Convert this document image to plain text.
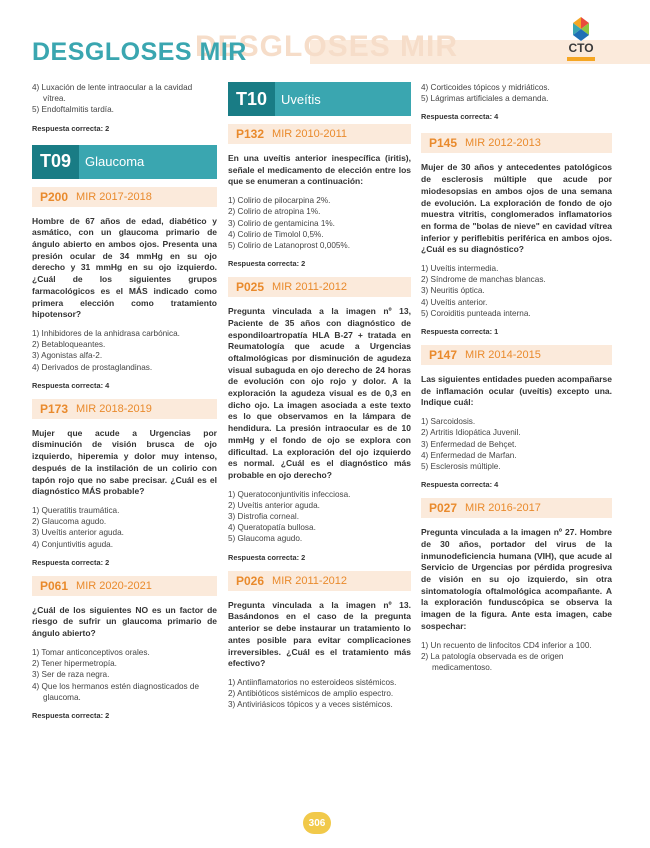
DESGLOSES MIR
DESGLOSES MIR	CTO
4) Luxación de lente intraocular a la cavidad vítrea.
5) Endoftalmitis tardía.
Respuesta correcta: 2
T09	Glaucoma
P200 MIR 2017-2018

Hombre de 67 años de edad, diabético y asmático, con un glaucoma primario de ángulo abierto en ambos ojos. Presenta una presión ocular de 34 mmHg en su ojo derecho y 31 mmHg en su ojo izquierdo. ¿Cuál de los siguientes grupos farmacológicos es el MÁS indicado como primera elección como tratamiento hipotensor?

1) Inhibidores de la anhidrasa carbónica.
2) Betabloqueantes.
3) Agonistas alfa-2.
4) Derivados de prostaglandinas.
Respuesta correcta: 4
P173 MIR 2018-2019

Mujer que acude a Urgencias por disminución de visión brusca de ojo izquierdo, hiperemia y dolor muy intenso, después de la instilación de un colirio con tapón rojo que no sabe precisar. ¿Cuál es el diagnóstico MÁS probable?

1) Queratitis traumática.
2) Glaucoma agudo.
3) Uveítis anterior aguda.
4) Conjuntivitis aguda.
Respuesta correcta: 2
P061 MIR 2020-2021

¿Cuál de los siguientes NO es un factor de riesgo de sufrir un glaucoma primario de ángulo abierto?

1) Tomar anticonceptivos orales.
2) Tener hipermetropía.
3) Ser de raza negra.
4) Que los hermanos estén diagnosticados de glaucoma.
Respuesta correcta: 2
T10	Uveítis
P132 MIR 2010-2011

En una uveítis anterior inespecífica (iritis), señale el medicamento de elección entre los que se enumeran a continuación:

1) Colirio de pilocarpina 2%.
2) Colirio de atropina 1%.
3) Colirio de gentamicina 1%.
4) Colirio de Timolol 0,5%.
5) Colirio de Latanoprost 0,005%.
Respuesta correcta: 2
P025 MIR 2011-2012

Pregunta vinculada a la imagen nº 13, Paciente de 35 años con diagnóstico de espondiloartropatía HLA B-27 + tratada en Reumatología que acude a Urgencias oftalmológicas por disminución de agudeza visual subaguda en ojo derecho de 24 horas de evolución con ojo rojo y dolor. A la exploración la agudeza visual es de 0,3 en dicho ojo. La imagen asociada a este texto es lo que observamos en la lámpara de hendidura. La presión intraocular es de 10 mmHg y el fondo de ojo se explora con dificultad. La exploración del ojo izquierdo es normal. ¿Cuál es el diagnóstico más probable en ojo derecho?

1) Queratoconjuntivitis infecciosa.
2) Uveítis anterior aguda.
3) Distrofia corneal.
4) Queratopatía bullosa.
5) Glaucoma agudo.
Respuesta correcta: 2
P026 MIR 2011-2012

Pregunta vinculada a la imagen nº 13. Basándonos en el caso de la pregunta anterior se debe instaurar un tratamiento lo antes posible para evitar complicaciones irreversibles. ¿Cuál es el tratamiento más efectivo?

1) Antiinflamatorios no esteroideos sistémicos.
2) Antibióticos sistémicos de amplio espectro.
3) Antiviriásicos tópicos y a veces sistémicos.
4) Corticoides tópicos y midriáticos.
5) Lágrimas artificiales a demanda.
Respuesta correcta: 4
P145 MIR 2012-2013

Mujer de 30 años y antecedentes patológicos de esclerosis múltiple que acude por miodesopsias en ambos ojos de una semana de evolución. La exploración de fondo de ojo muestra vitritis, conglomerados inflamatorios en forma de "bolas de nieve" en cavidad vítrea inferior y periflebitis periférica en ambos ojos. ¿Cuál es su diagnóstico?

1) Uveítis intermedia.
2) Síndrome de manchas blancas.
3) Neuritis óptica.
4) Uveítis anterior.
5) Coroiditis punteada interna.
Respuesta correcta: 1
P147 MIR 2014-2015

Las siguientes entidades pueden acompañarse de inflamación ocular (uveítis) excepto una. Indique cuál:

1) Sarcoidosis.
2) Artritis Idiopática Juvenil.
3) Enfermedad de Behçet.
4) Enfermedad de Marfan.
5) Esclerosis múltiple.
Respuesta correcta: 4
P027 MIR 2016-2017

Pregunta vinculada a la imagen nº 27. Hombre de 30 años, portador del virus de la inmunodeficiencia humana (VIH), que acude al Servicio de Urgencias por pérdida progresiva de visión en su ojo izquierdo, sin otra sintomatología oftalmológica acompañante. A la exploración funduscópica se observa la imagen de la figura. Ante esta imagen, cabe sospechar:

1) Un recuento de linfocitos CD4 inferior a 100.
2) La patología observada es de origen medicamentoso.
306
